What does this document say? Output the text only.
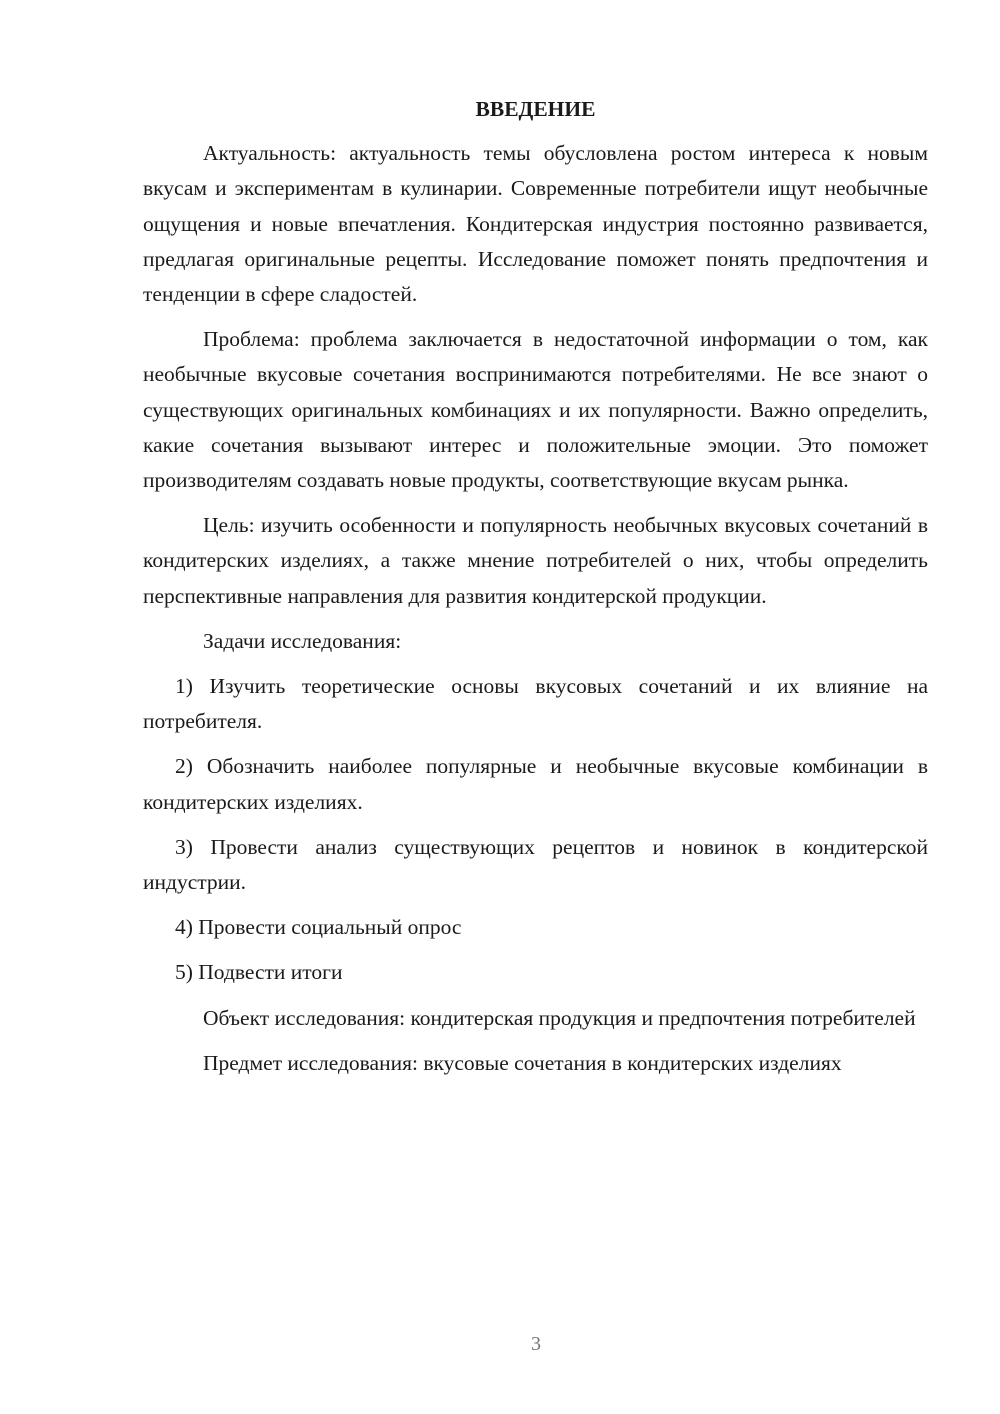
ВВЕДЕНИЕ

Актуальность: актуальность темы обусловлена ростом интереса к новым вкусам и экспериментам в кулинарии. Современные потребители ищут необычные ощущения и новые впечатления. Кондитерская индустрия постоянно развивается, предлагая оригинальные рецепты. Исследование поможет понять предпочтения и тенденции в сфере сладостей.

Проблема: проблема заключается в недостаточной информации о том, как необычные вкусовые сочетания воспринимаются потребителями. Не все знают о существующих оригинальных комбинациях и их популярности. Важно определить, какие сочетания вызывают интерес и положительные эмоции. Это поможет производителям создавать новые продукты, соответствующие вкусам рынка.

Цель: изучить особенности и популярность необычных вкусовых сочетаний в кондитерских изделиях, а также мнение потребителей о них, чтобы определить перспективные направления для развития кондитерской продукции.

Задачи исследования:

1) Изучить теоретические основы вкусовых сочетаний и их влияние на потребителя.

2) Обозначить наиболее популярные и необычные вкусовые комбинации в кондитерских изделиях.

3) Провести анализ существующих рецептов и новинок в кондитерской индустрии.

4) Провести социальный опрос

5) Подвести итоги

Объект исследования: кондитерская продукция и предпочтения потребителей

Предмет исследования: вкусовые сочетания в кондитерских изделиях

3
